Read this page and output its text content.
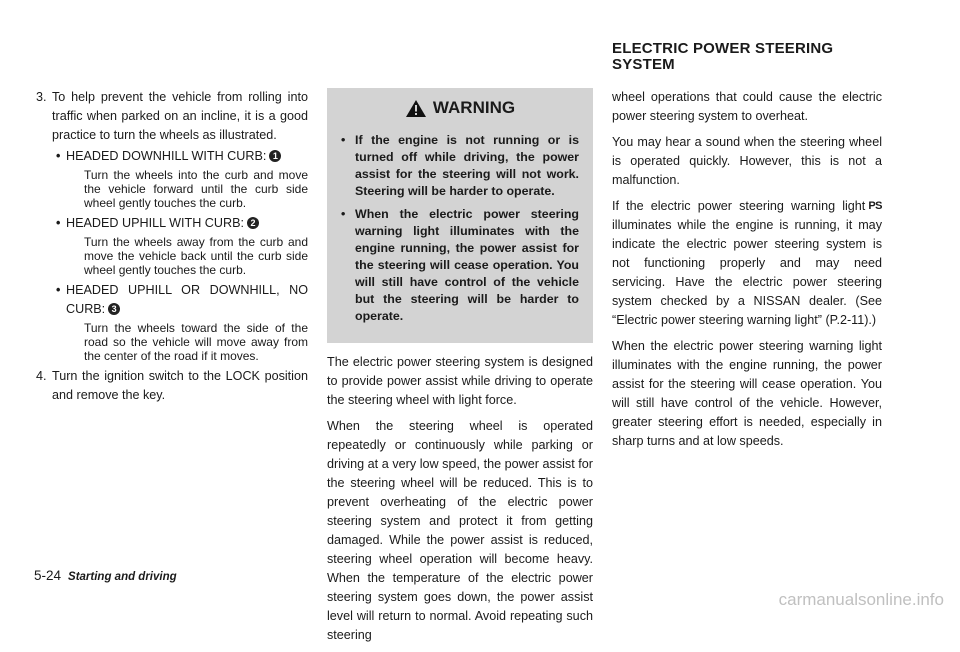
ELECTRIC POWER STEERING
SYSTEM
3. To help prevent the vehicle from rolling into traffic when parked on an incline, it is a good practice to turn the wheels as illustrated.
• HEADED DOWNHILL WITH CURB: 1
Turn the wheels into the curb and move the vehicle forward until the curb side wheel gently touches the curb.
• HEADED UPHILL WITH CURB: 2
Turn the wheels away from the curb and move the vehicle back until the curb side wheel gently touches the curb.
• HEADED UPHILL OR DOWNHILL, NO CURB: 3
Turn the wheels toward the side of the road so the vehicle will move away from the center of the road if it moves.
4. Turn the ignition switch to the LOCK position and remove the key.
WARNING
• If the engine is not running or is turned off while driving, the power assist for the steering will not work. Steering will be harder to operate.
• When the electric power steering warning light illuminates with the engine running, the power assist for the steering will cease operation. You will still have control of the vehicle but the steering will be harder to operate.

The electric power steering system is designed to provide power assist while driving to operate the steering wheel with light force.

When the steering wheel is operated repeatedly or continuously while parking or driving at a very low speed, the power assist for the steering wheel will be reduced. This is to prevent overheating of the electric power steering system and protect it from getting damaged. While the power assist is reduced, steering wheel operation will become heavy. When the temperature of the electric power steering system goes down, the power assist level will return to normal. Avoid repeating such steering

wheel operations that could cause the electric power steering system to overheat.

You may hear a sound when the steering wheel is operated quickly. However, this is not a malfunction.

If the electric power steering warning light PS illuminates while the engine is running, it may indicate the electric power steering system is not functioning properly and may need servicing. Have the electric power steering system checked by a NISSAN dealer. (See “Electric power steering warning light” (P.2-11).)

When the electric power steering warning light illuminates with the engine running, the power assist for the steering will cease operation. You will still have control of the vehicle. However, greater steering effort is needed, especially in sharp turns and at low speeds.

5-24 Starting and driving
carmanualsonline.info
